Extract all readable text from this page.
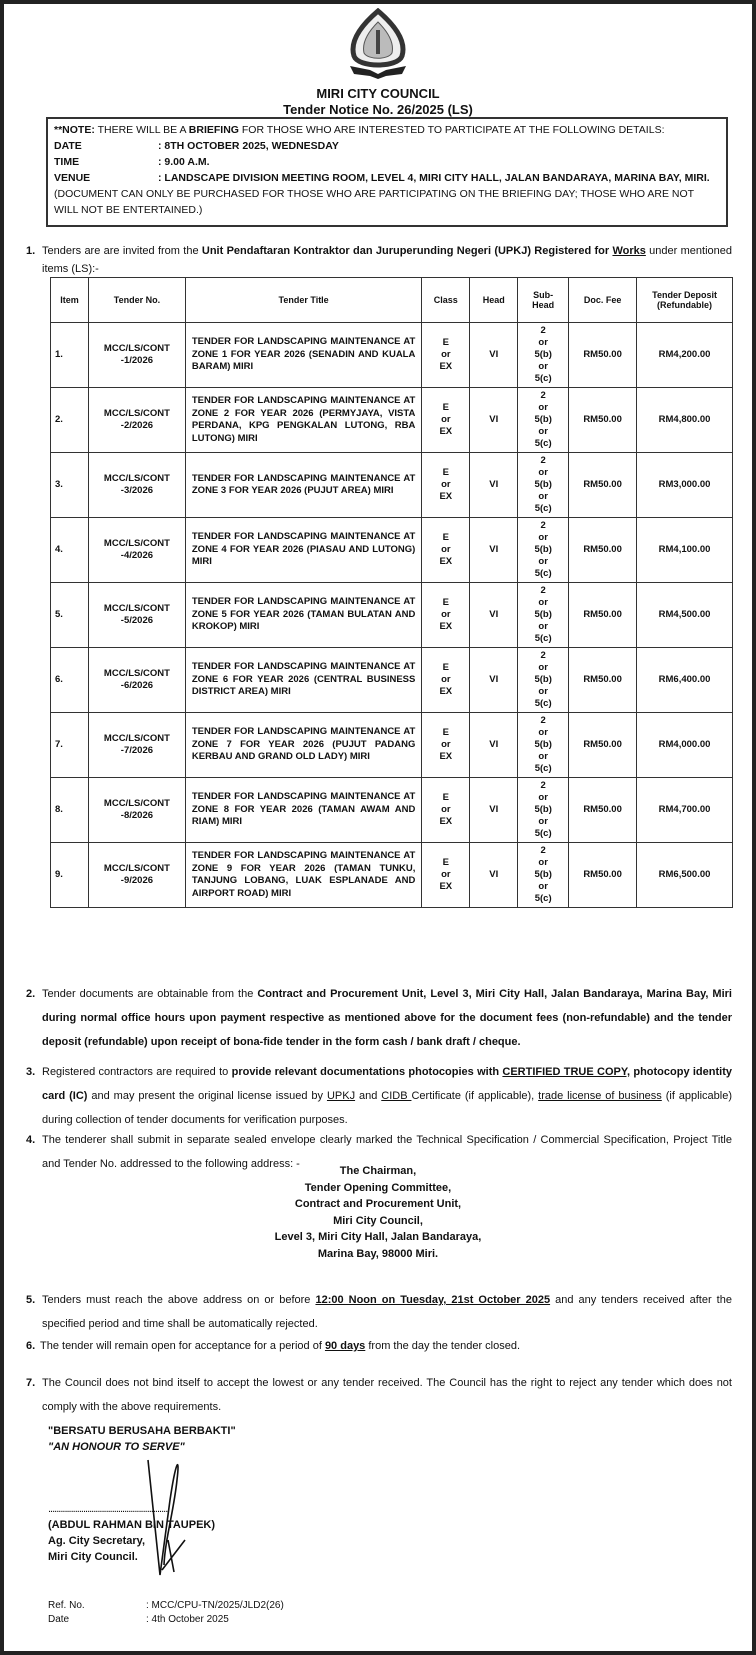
MIRI CITY COUNCIL
Tender Notice No. 26/2025 (LS)
**NOTE: THERE WILL BE A BRIEFING FOR THOSE WHO ARE INTERESTED TO PARTICIPATE AT THE FOLLOWING DETAILS:
DATE	: 8TH OCTOBER 2025, WEDNESDAY
TIME	: 9.00 A.M.
VENUE	: LANDSCAPE DIVISION MEETING ROOM, LEVEL 4, MIRI CITY HALL, JALAN BANDARAYA, MARINA BAY, MIRI.
(DOCUMENT CAN ONLY BE PURCHASED FOR THOSE WHO ARE PARTICIPATING ON THE BRIEFING DAY; THOSE WHO ARE NOT WILL NOT BE ENTERTAINED.)
1. Tenders are are invited from the Unit Pendaftaran Kontraktor dan Juruperunding Negeri (UPKJ) Registered for Works under mentioned items (LS):-
Item	Tender No.	Tender Title	Class	Head	Sub-Head	Doc. Fee	Tender Deposit (Refundable)
1.	MCC/LS/CONT -1/2026	TENDER FOR LANDSCAPING MAINTENANCE AT ZONE 1 FOR YEAR 2026 (SENADIN AND KUALA BARAM) MIRI	E or EX	VI	2 or 5(b) or 5(c)	RM50.00	RM4,200.00
2.	MCC/LS/CONT -2/2026	TENDER FOR LANDSCAPING MAINTENANCE AT ZONE 2 FOR YEAR 2026 (PERMYJAYA, VISTA PERDANA, KPG PENGKALAN LUTONG, RBA LUTONG) MIRI	E or EX	VI	2 or 5(b) or 5(c)	RM50.00	RM4,800.00
3.	MCC/LS/CONT -3/2026	TENDER FOR LANDSCAPING MAINTENANCE AT ZONE 3 FOR YEAR 2026 (PUJUT AREA) MIRI	E or EX	VI	2 or 5(b) or 5(c)	RM50.00	RM3,000.00
4.	MCC/LS/CONT -4/2026	TENDER FOR LANDSCAPING MAINTENANCE AT ZONE 4 FOR YEAR 2026 (PIASAU AND LUTONG) MIRI	E or EX	VI	2 or 5(b) or 5(c)	RM50.00	RM4,100.00
5.	MCC/LS/CONT -5/2026	TENDER FOR LANDSCAPING MAINTENANCE AT ZONE 5 FOR YEAR 2026 (TAMAN BULATAN AND KROKOP) MIRI	E or EX	VI	2 or 5(b) or 5(c)	RM50.00	RM4,500.00
6.	MCC/LS/CONT -6/2026	TENDER FOR LANDSCAPING MAINTENANCE AT ZONE 6 FOR YEAR 2026 (CENTRAL BUSINESS DISTRICT AREA) MIRI	E or EX	VI	2 or 5(b) or 5(c)	RM50.00	RM6,400.00
7.	MCC/LS/CONT -7/2026	TENDER FOR LANDSCAPING MAINTENANCE AT ZONE 7 FOR YEAR 2026 (PUJUT PADANG KERBAU AND GRAND OLD LADY) MIRI	E or EX	VI	2 or 5(b) or 5(c)	RM50.00	RM4,000.00
8.	MCC/LS/CONT -8/2026	TENDER FOR LANDSCAPING MAINTENANCE AT ZONE 8 FOR YEAR 2026 (TAMAN AWAM AND RIAM) MIRI	E or EX	VI	2 or 5(b) or 5(c)	RM50.00	RM4,700.00
9.	MCC/LS/CONT -9/2026	TENDER FOR LANDSCAPING MAINTENANCE AT ZONE 9 FOR YEAR 2026 (TAMAN TUNKU, TANJUNG LOBANG, LUAK ESPLANADE AND AIRPORT ROAD) MIRI	E or EX	VI	2 or 5(b) or 5(c)	RM50.00	RM6,500.00
2. Tender documents are obtainable from the Contract and Procurement Unit, Level 3, Miri City Hall, Jalan Bandaraya, Marina Bay, Miri during normal office hours upon payment respective as mentioned above for the document fees (non-refundable) and the tender deposit (refundable) upon receipt of bona-fide tender in the form cash / bank draft / cheque.
3. Registered contractors are required to provide relevant documentations photocopies with CERTIFIED TRUE COPY, photocopy identity card (IC) and may present the original license issued by UPKJ and CIDB Certificate (if applicable), trade license of business (if applicable) during collection of tender documents for verification purposes.
4. The tenderer shall submit in separate sealed envelope clearly marked the Technical Specification / Commercial Specification, Project Title and Tender No. addressed to the following address: -
The Chairman,
Tender Opening Committee,
Contract and Procurement Unit,
Miri City Council,
Level 3, Miri City Hall, Jalan Bandaraya,
Marina Bay, 98000 Miri.
5. Tenders must reach the above address on or before 12:00 Noon on Tuesday, 21st October 2025 and any tenders received after the specified period and time shall be automatically rejected.
6. The tender will remain open for acceptance for a period of 90 days from the day the tender closed.
7. The Council does not bind itself to accept the lowest or any tender received. The Council has the right to reject any tender which does not comply with the above requirements.
"BERSATU BERUSAHA BERBAKTI"
"AN HONOUR TO SERVE"
..........................................................
(ABDUL RAHMAN BIN TAUPEK)
Ag. City Secretary,
Miri City Council.
Ref. No.	: MCC/CPU-TN/2025/JLD2(26)
Date	: 4th October 2025
